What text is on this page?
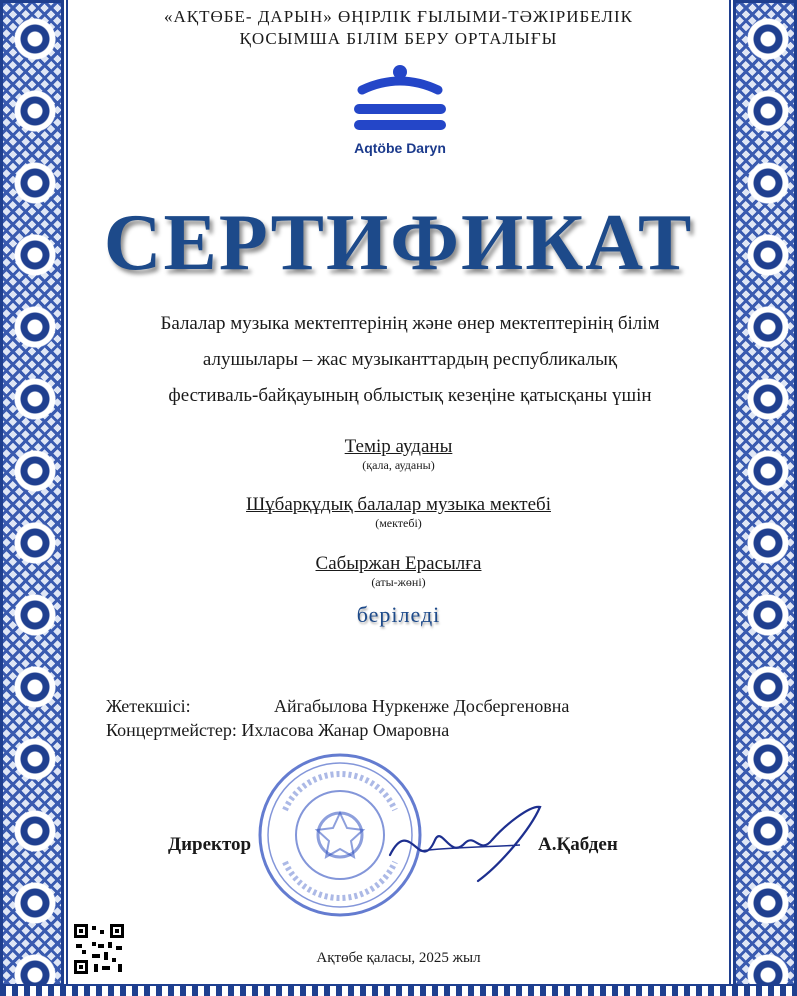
«АҚТӨБЕ- ДАРЫН» ӨҢІРЛІК ҒЫЛЫМИ-ТӘЖІРИБЕЛІК
ҚОСЫМША БІЛІМ БЕРУ ОРТАЛЫҒЫ
Aqtöbe Daryn
СЕРТИФИКАТ
Балалар музыка мектептерінің және өнер мектептерінің білім
алушылары – жас музыканттардың республикалық
фестиваль-байқауының облыстық кезеңіне қатысқаны үшін
Темір ауданы
(қала, ауданы)
Шұбарқұдық балалар музыка мектебі
(мектебі)
Сабыржан Ерасылға
(аты-жөні)
беріледі
Жетекшісі:	Айгабылова Нуркенже Досбергеновна
Концертмейстер: Ихласова Жанар Омаровна
Директор	А.Қабден
Ақтөбе қаласы, 2025 жыл
